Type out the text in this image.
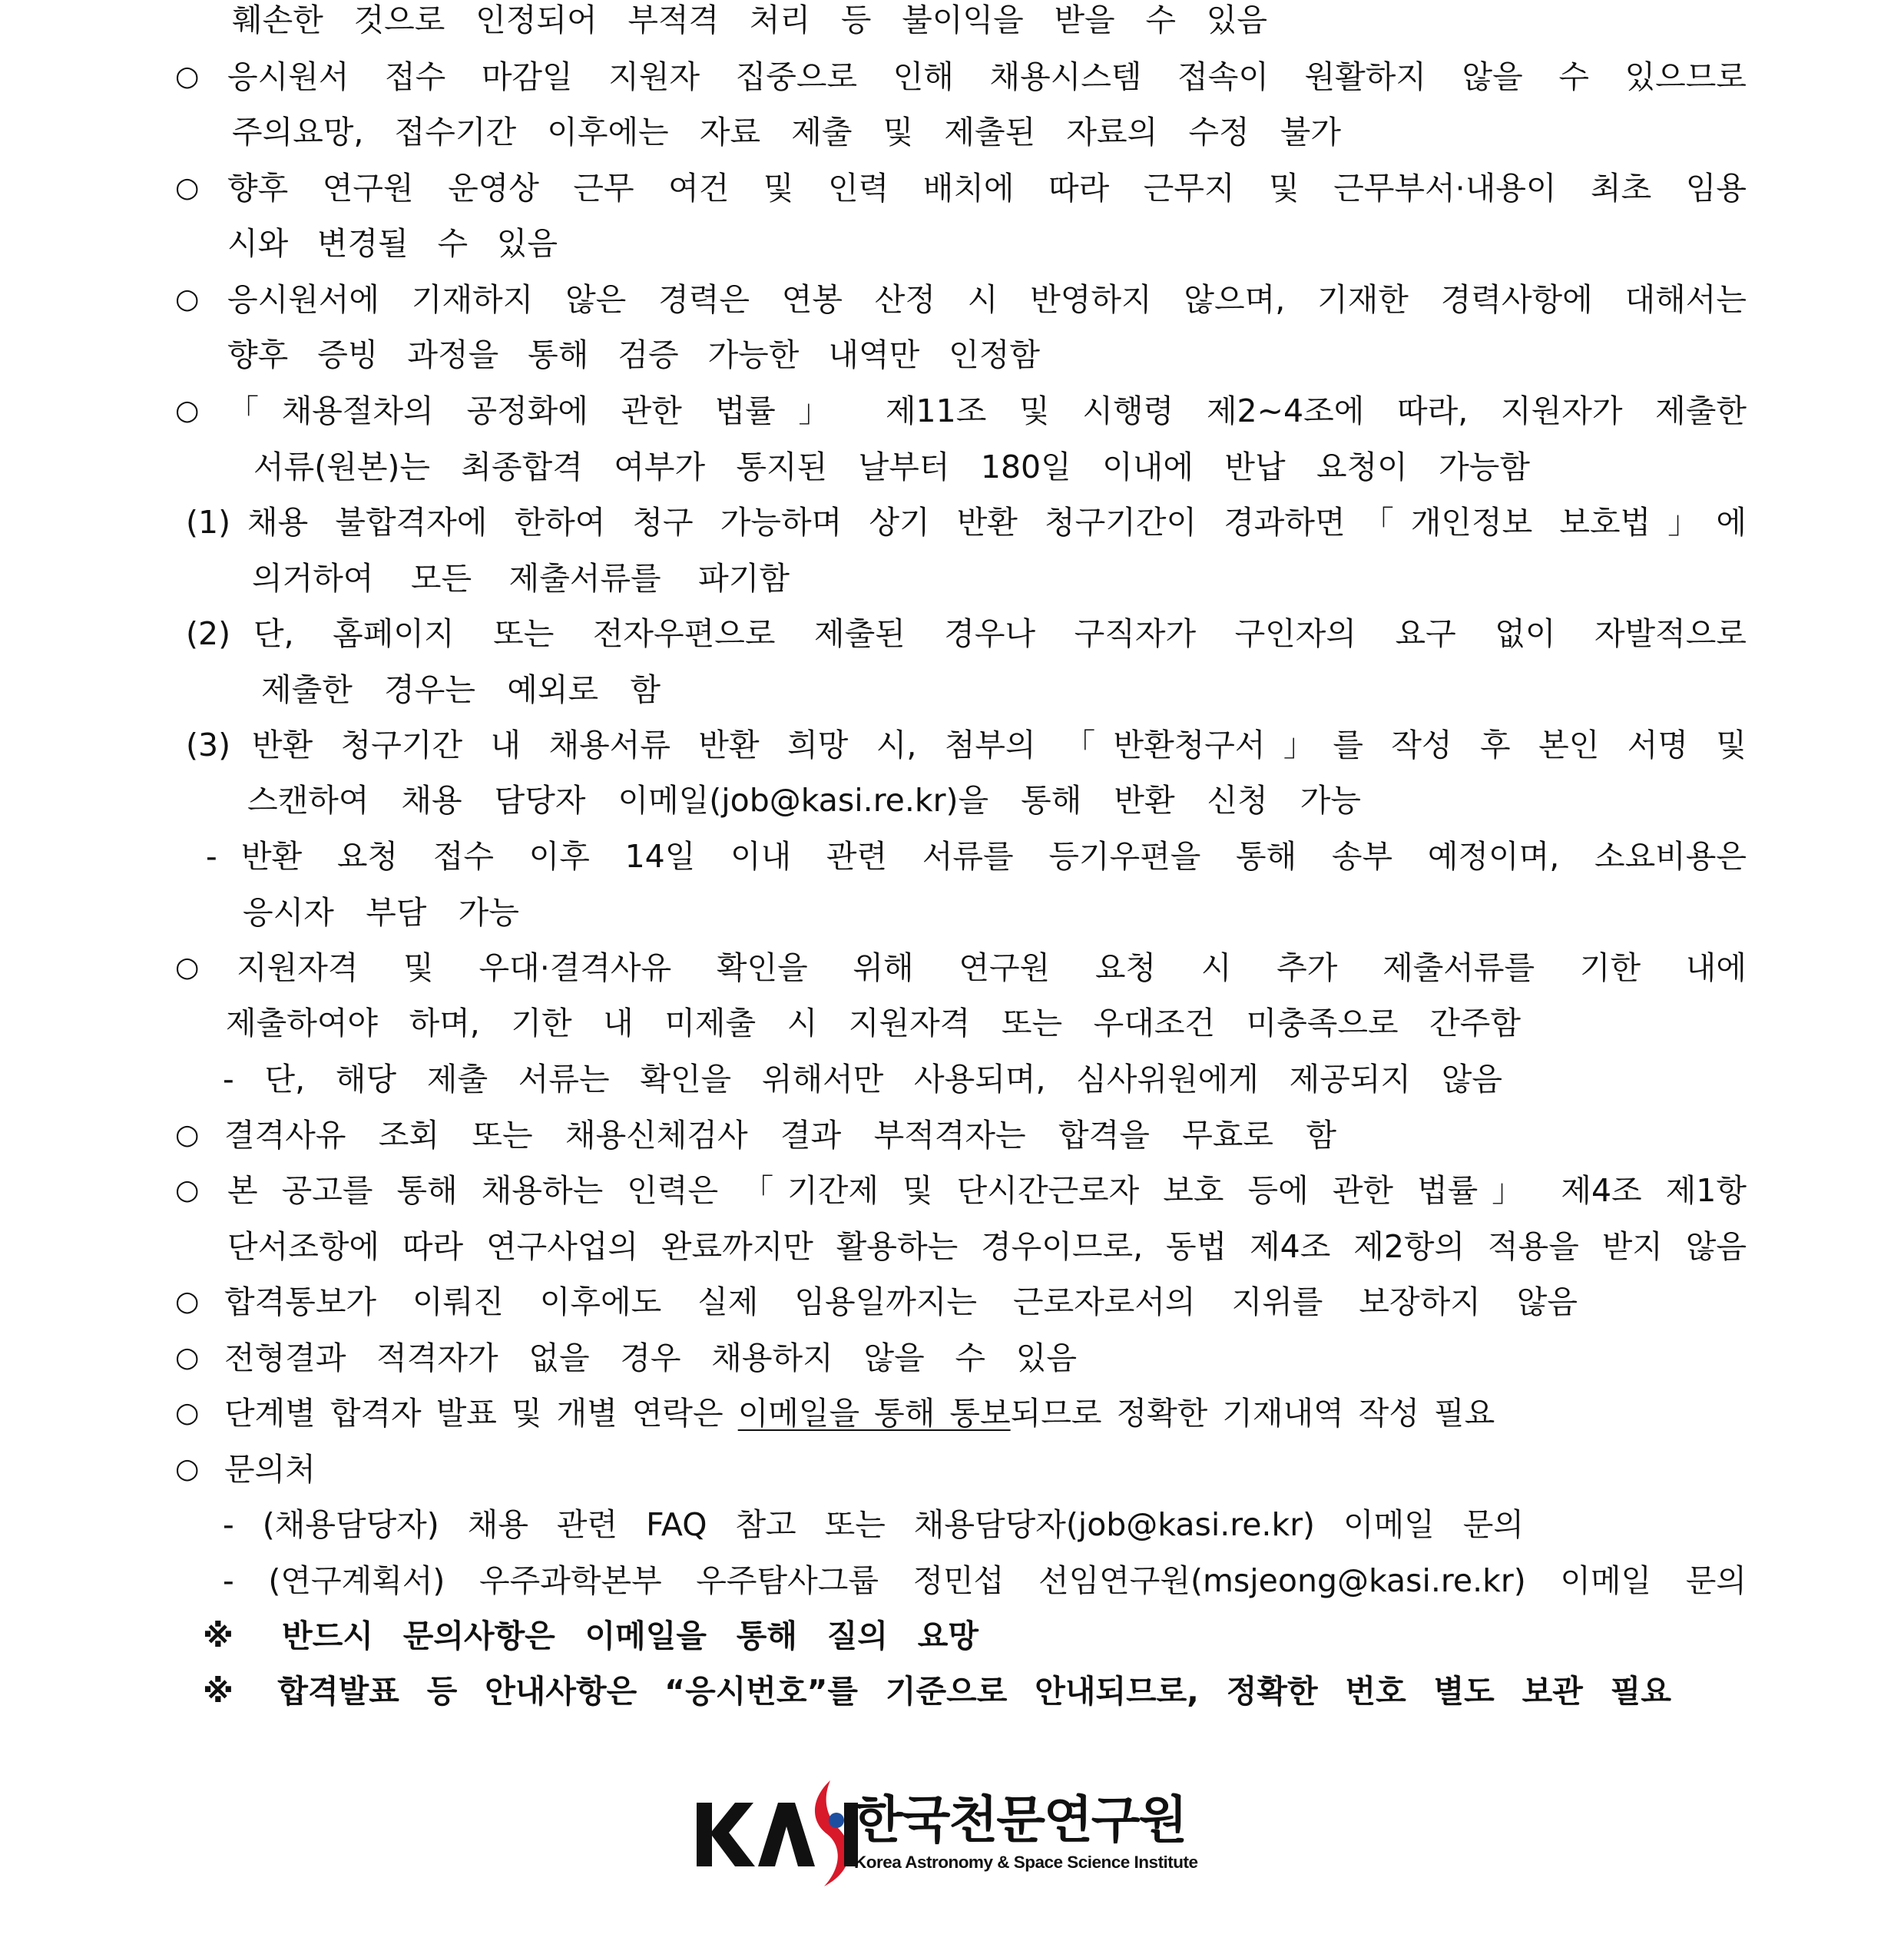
훼손한 것으로 인정되어 부적격 처리 등 불이익을 받을 수 있음
○ 응시원서 접수 마감일 지원자 집중으로 인해 채용시스템 접속이 원활하지 않을 수 있으므로
주의요망, 접수기간 이후에는 자료 제출 및 제출된 자료의 수정 불가
○ 향후 연구원 운영상 근무 여건 및 인력 배치에 따라 근무지 및 근무부서·내용이 최초 임용
시와 변경될 수 있음
○ 응시원서에 기재하지 않은 경력은 연봉 산정 시 반영하지 않으며, 기재한 경력사항에 대해서는
향후 증빙 과정을 통해 검증 가능한 내역만 인정함
○ 「채용절차의 공정화에 관한 법률」 제11조 및 시행령 제2~4조에 따라, 지원자가 제출한
서류(원본)는 최종합격 여부가 통지된 날부터 180일 이내에 반납 요청이 가능함
(1) 채용 불합격자에 한하여 청구 가능하며 상기 반환 청구기간이 경과하면「개인정보 보호법」에
의거하여 모든 제출서류를 파기함
(2) 단, 홈페이지 또는 전자우편으로 제출된 경우나 구직자가 구인자의 요구 없이 자발적으로
제출한 경우는 예외로 함
(3) 반환 청구기간 내 채용서류 반환 희망 시, 첨부의 「반환청구서」를 작성 후 본인 서명 및
스캔하여 채용 담당자 이메일(job@kasi.re.kr)을 통해 반환 신청 가능
- 반환 요청 접수 이후 14일 이내 관련 서류를 등기우편을 통해 송부 예정이며, 소요비용은
응시자 부담 가능
○ 지원자격 및 우대·결격사유 확인을 위해 연구원 요청 시 추가 제출서류를 기한 내에
제출하여야 하며, 기한 내 미제출 시 지원자격 또는 우대조건 미충족으로 간주함
- 단, 해당 제출 서류는 확인을 위해서만 사용되며, 심사위원에게 제공되지 않음
○ 결격사유 조회 또는 채용신체검사 결과 부적격자는 합격을 무효로 함
○ 본 공고를 통해 채용하는 인력은 「기간제 및 단시간근로자 보호 등에 관한 법률」 제4조 제1항
단서조항에 따라 연구사업의 완료까지만 활용하는 경우이므로, 동법 제4조 제2항의 적용을 받지 않음
○ 합격통보가 이뤄진 이후에도 실제 임용일까지는 근로자로서의 지위를 보장하지 않음
○ 전형결과 적격자가 없을 경우 채용하지 않을 수 있음
○ 단계별 합격자 발표 및 개별 연락은 이메일을 통해 통보되므로 정확한 기재내역 작성 필요
○ 문의처
- (채용담당자) 채용 관련 FAQ 참고 또는 채용담당자(job@kasi.re.kr) 이메일 문의
- (연구계획서) 우주과학본부 우주탐사그룹 정민섭 선임연구원(msjeong@kasi.re.kr) 이메일 문의
※ 반드시 문의사항은 이메일을 통해 질의 요망
※ 합격발표 등 안내사항은 “응시번호”를 기준으로 안내되므로, 정확한 번호 별도 보관 필요
한국천문연구원
Korea Astronomy & Space Science Institute
